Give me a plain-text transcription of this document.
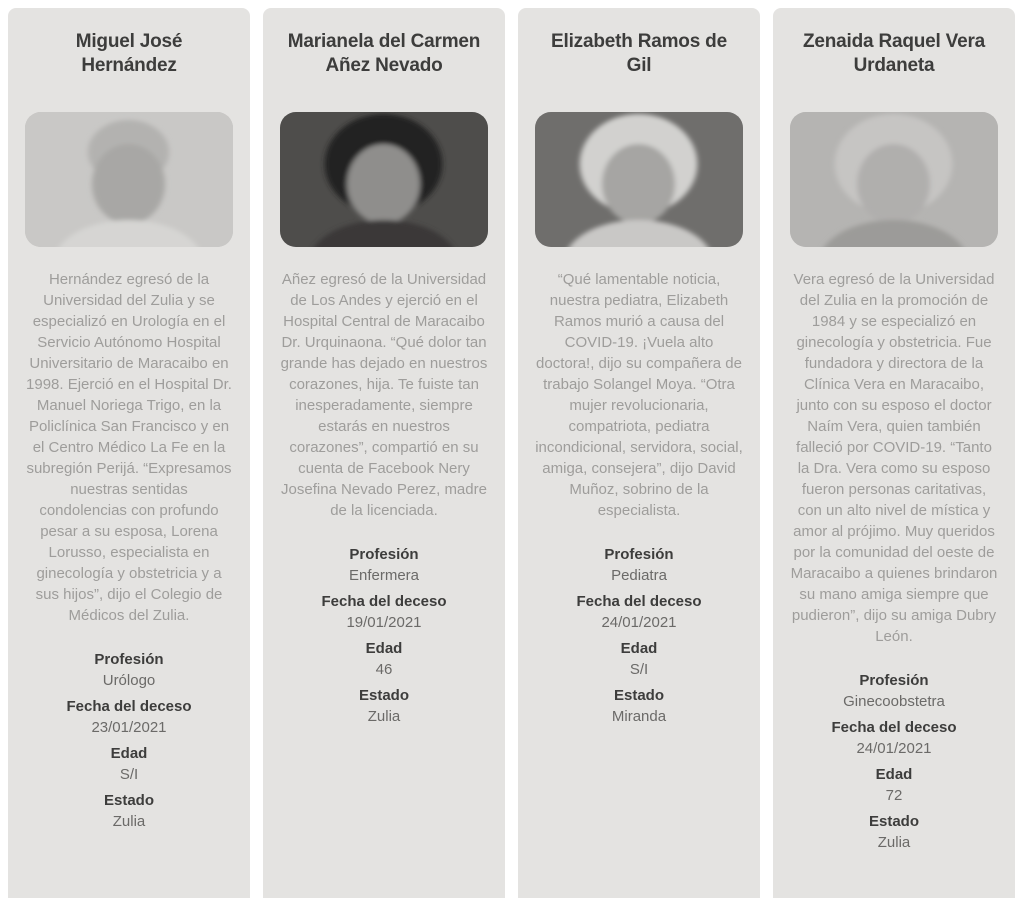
Miguel José Hernández

Hernández egresó de la Universidad del Zulia y se especializó en Urología en el Servicio Autónomo Hospital Universitario de Maracaibo en 1998. Ejerció en el Hospital Dr. Manuel Noriega Trigo, en la Policlínica San Francisco y en el Centro Médico La Fe en la subregión Perijá. “Expresamos nuestras sentidas condolencias con profundo pesar a su esposa, Lorena Lorusso, especialista en ginecología y obstetricia y a sus hijos”, dijo el Colegio de Médicos del Zulia.

Profesión
Urólogo
Fecha del deceso
23/01/2021
Edad
S/I
Estado
Zulia
Marianela del Carmen Añez Nevado

Añez egresó de la Universidad de Los Andes y ejerció en el Hospital Central de Maracaibo Dr. Urquinaona. “Qué dolor tan grande has dejado en nuestros corazones, hija. Te fuiste tan inesperadamente, siempre estarás en nuestros corazones”, compartió en su cuenta de Facebook Nery Josefina Nevado Perez, madre de la licenciada.

Profesión
Enfermera
Fecha del deceso
19/01/2021
Edad
46
Estado
Zulia
Elizabeth Ramos de Gil

“Qué lamentable noticia, nuestra pediatra, Elizabeth Ramos murió a causa del COVID-19. ¡Vuela alto doctora!, dijo su compañera de trabajo Solangel Moya. “Otra mujer revolucionaria, compatriota, pediatra incondicional, servidora, social, amiga, consejera”, dijo David Muñoz, sobrino de la especialista.

Profesión
Pediatra
Fecha del deceso
24/01/2021
Edad
S/I
Estado
Miranda
Zenaida Raquel Vera Urdaneta

Vera egresó de la Universidad del Zulia en la promoción de 1984 y se especializó en ginecología y obstetricia. Fue fundadora y directora de la Clínica Vera en Maracaibo, junto con su esposo el doctor Naím Vera, quien también falleció por COVID-19. “Tanto la Dra. Vera como su esposo fueron personas caritativas, con un alto nivel de mística y amor al prójimo. Muy queridos por la comunidad del oeste de Maracaibo a quienes brindaron su mano amiga siempre que pudieron”, dijo su amiga Dubry León.

Profesión
Ginecoobstetra
Fecha del deceso
24/01/2021
Edad
72
Estado
Zulia
